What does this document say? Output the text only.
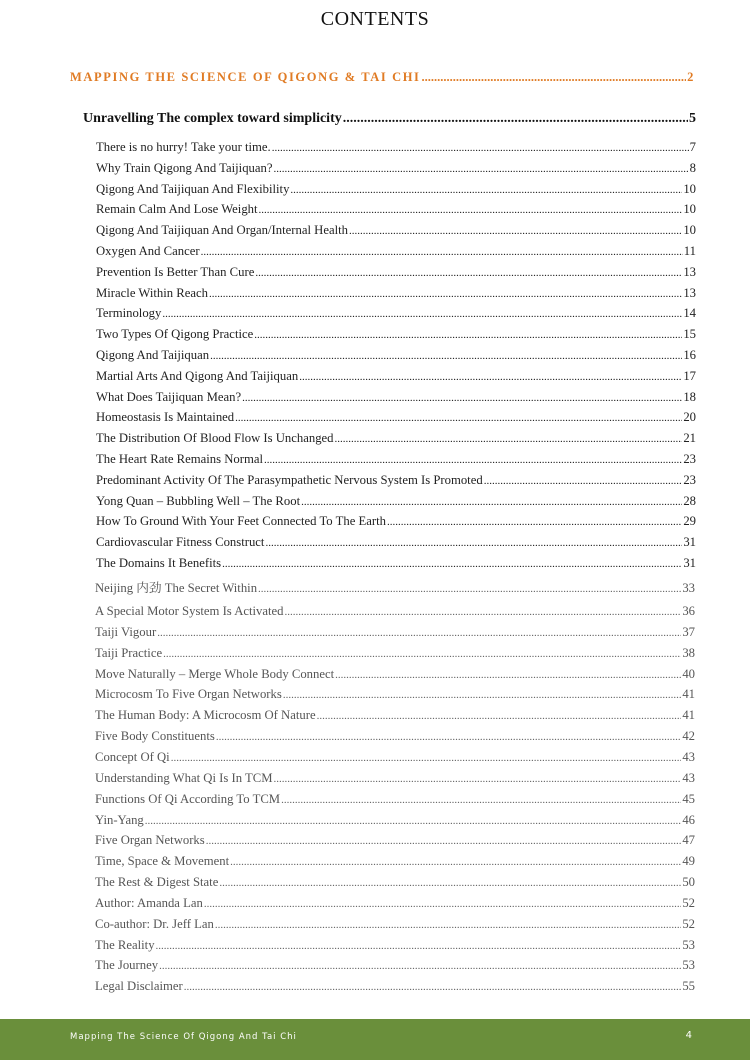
CONTENTS
MAPPING THE SCIENCE OF QIGONG & TAI CHI .....	2
Unravelling The complex toward simplicity .....	5
There is no hurry! Take your time. .....	7
Why Train Qigong And Taijiquan? .....	8
Qigong And Taijiquan And Flexibility .....	10
Remain Calm And Lose Weight .....	10
Qigong And Taijiquan And Organ/Internal Health .....	10
Oxygen And Cancer .....	11
Prevention Is Better Than Cure .....	13
Miracle Within Reach .....	13
Terminology .....	14
Two Types Of Qigong Practice .....	15
Qigong And Taijiquan .....	16
Martial Arts And Qigong And Taijiquan .....	17
What Does Taijiquan Mean? .....	18
Homeostasis Is Maintained .....	20
The Distribution Of Blood Flow Is Unchanged .....	21
The Heart Rate Remains Normal .....	23
Predominant Activity Of The Parasympathetic Nervous System Is Promoted .....	23
Yong Quan – Bubbling Well – The Root .....	28
How To Ground With Your Feet Connected To The Earth .....	29
Cardiovascular Fitness Construct .....	31
The Domains It Benefits .....	31
Neijing 内劲 The Secret Within .....	33
A Special Motor System Is Activated .....	36
Taiji Vigour .....	37
Taiji Practice .....	38
Move Naturally – Merge Whole Body Connect .....	40
Microcosm To Five Organ Networks .....	41
The Human Body: A Microcosm Of Nature .....	41
Five Body Constituents .....	42
Concept Of Qi .....	43
Understanding What Qi Is In TCM .....	43
Functions Of Qi According To TCM .....	45
Yin-Yang .....	46
Five Organ Networks .....	47
Time, Space & Movement .....	49
The Rest & Digest State .....	50
Author: Amanda Lan .....	52
Co-author: Dr. Jeff Lan .....	52
The Reality .....	53
The Journey .....	53
Legal Disclaimer .....	55
Mapping The Science Of Qigong And Tai Chi	4
